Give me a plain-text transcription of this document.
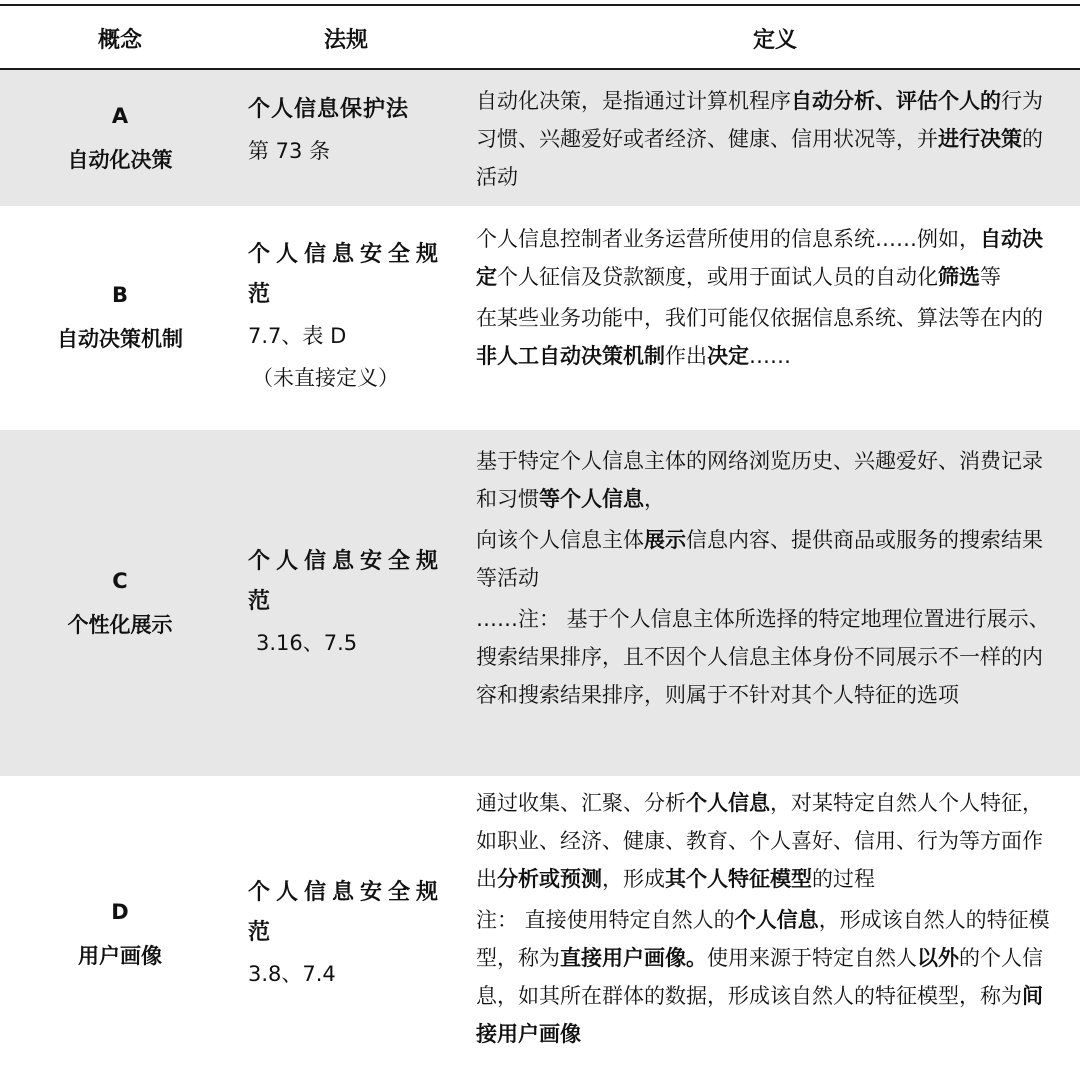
概念	法规	定义
A
自动化决策
个人信息保护法
第 73 条

自动化决策，是指通过计算机程序自动分析、评估个人的行为习惯、兴趣爱好或者经济、健康、信用状况等，并进行决策的活动

B
自动决策机制
个人信息安全规范
7.7、表 D
（未直接定义）

个人信息控制者业务运营所使用的信息系统……例如，自动决定个人征信及贷款额度，或用于面试人员的自动化筛选等

在某些业务功能中，我们可能仅依据信息系统、算法等在内的非人工自动决策机制作出决定……

C
个性化展示
个人信息安全规范
3.16、7.5

基于特定个人信息主体的网络浏览历史、兴趣爱好、消费记录和习惯等个人信息，

向该个人信息主体展示信息内容、提供商品或服务的搜索结果等活动

……注： 基于个人信息主体所选择的特定地理位置进行展示、搜索结果排序，且不因个人信息主体身份不同展示不一样的内容和搜索结果排序，则属于不针对其个人特征的选项

D
用户画像
个人信息安全规范
3.8、7.4

通过收集、汇聚、分析个人信息，对某特定自然人个人特征，如职业、经济、健康、教育、个人喜好、信用、行为等方面作出分析或预测，形成其个人特征模型的过程

注： 直接使用特定自然人的个人信息，形成该自然人的特征模型，称为直接用户画像。使用来源于特定自然人以外的个人信息，如其所在群体的数据，形成该自然人的特征模型，称为间接用户画像
